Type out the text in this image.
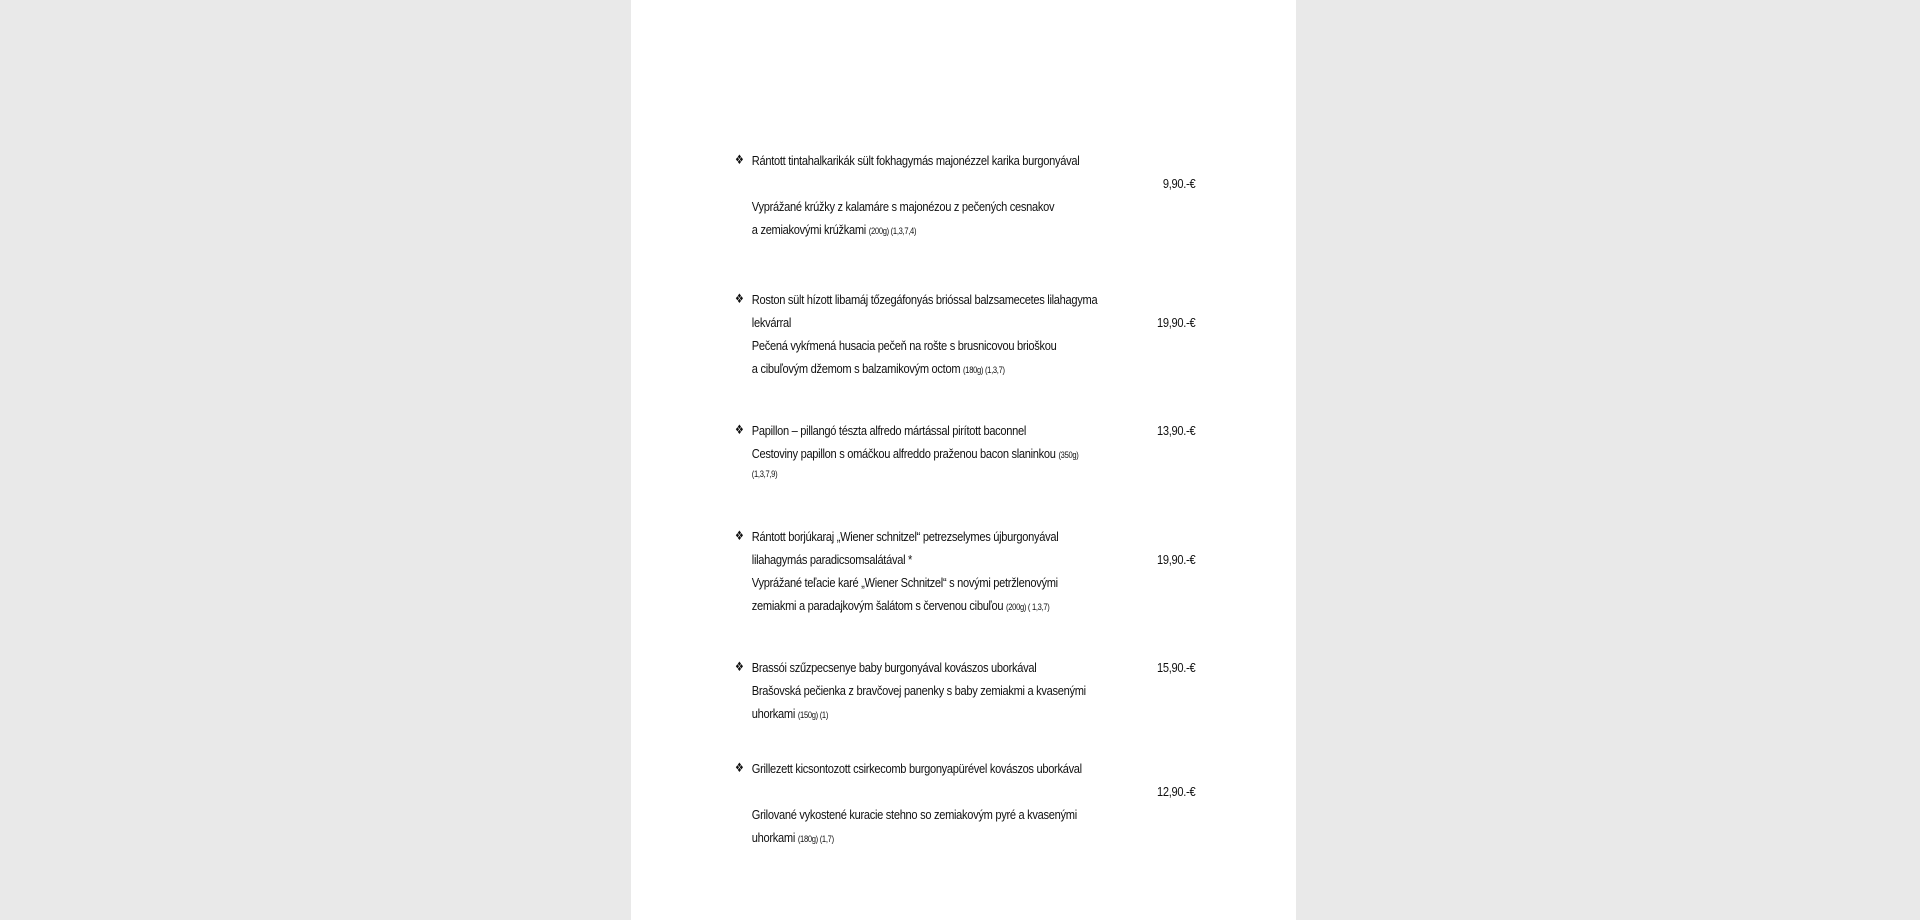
❖ Rántott tintahalkarikák sült fokhagymás majonézzel karika burgonyával
9,90.-€
Vyprážané krúžky z kalamáre s majonézou z pečených cesnakov
a zemiakovými krúžkami (200g) (1,3,7,4)
❖ Roston sült hízott libamáj tőzegáfonyás brióssal balzsamecetes lilahagyma
lekvárral	19,90.-€
Pečená vykŕmená husacia pečeň na rošte s brusnicovou brioškou
a cibuľovým džemom s balzamikovým octom (180g) (1,3,7)
❖ Papillon – pillangó tészta alfredo mártással pirított baconnel	13,90.-€
Cestoviny papillon s omáčkou alfreddo praženou bacon slaninkou (350g)
(1,3,7,9)
❖ Rántott borjúkaraj „Wiener schnitzel“ petrezselymes újburgonyával
lilahagymás paradicsomsalátával *	19,90.-€
Vyprážané teľacie karé „Wiener Schnitzel“ s novými petržlenovými
zemiakmi a paradajkovým šalátom s červenou cibuľou (200g) ( 1,3,7)
❖ Brassói szűzpecsenye baby burgonyával kovászos uborkával	15,90.-€
Brašovská pečienka z bravčovej panenky s baby zemiakmi a kvasenými
uhorkami (150g) (1)
❖ Grillezett kicsontozott csirkecomb burgonyapürével kovászos uborkával
12,90.-€
Grilované vykostené kuracie stehno so zemiakovým pyré a kvasenými
uhorkami (180g) (1,7)
